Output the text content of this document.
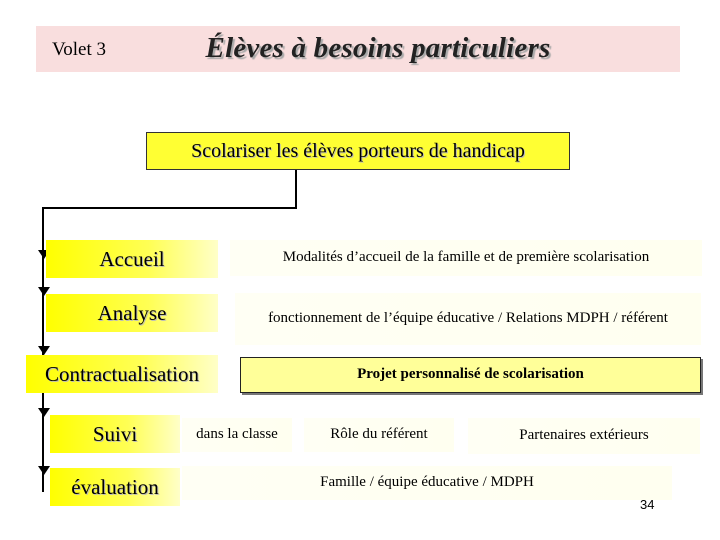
Volet 3	Élèves à besoins particuliers
Scolariser les élèves porteurs de handicap
Accueil
Analyse
Contractualisation
Suivi
évaluation
Modalités d’accueil de la famille et de première scolarisation
fonctionnement de l’équipe éducative / Relations MDPH / référent
Projet personnalisé de scolarisation
dans la classe	Rôle du référent	Partenaires extérieurs
Famille / équipe éducative / MDPH
34
